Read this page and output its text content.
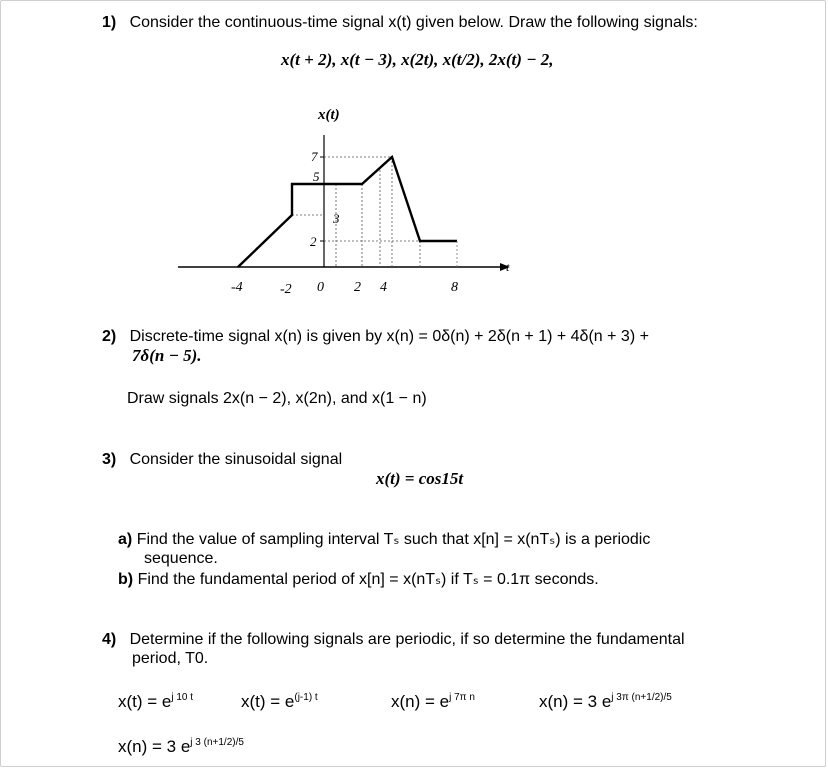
1) Consider the continuous-time signal x(t) given below. Draw the following signals:
x(t + 2), x(t − 3), x(2t), x(t/2), 2x(t) − 2,
x(t)
t
7
5
3
2
-4	-2 0 2 4	8
2) Discrete-time signal x(n) is given by x(n) = 0δ(n) + 2δ(n + 1) + 4δ(n + 3) +
7δ(n − 5).
Draw signals 2x(n − 2), x(2n), and x(1 − n)
3) Consider the sinusoidal signal
x(t) = cos15t
a) Find the value of sampling interval Tₛ such that x[n] = x(nTₛ) is a periodic
sequence.
b) Find the fundamental period of x[n] = x(nTₛ) if Tₛ = 0.1π seconds.
4) Determine if the following signals are periodic, if so determine the fundamental
period, T0.
$x(t) = e^{j 10 t}$	$x(t) = e^{(j-1) t}$	$x(n) = e^{j 7\pi n}$	x(n) = 3 $e^{j 3\pi (n+1/2)/5}$
x(n) = 3 $e^{j 3 (n+1/2)/5}$
